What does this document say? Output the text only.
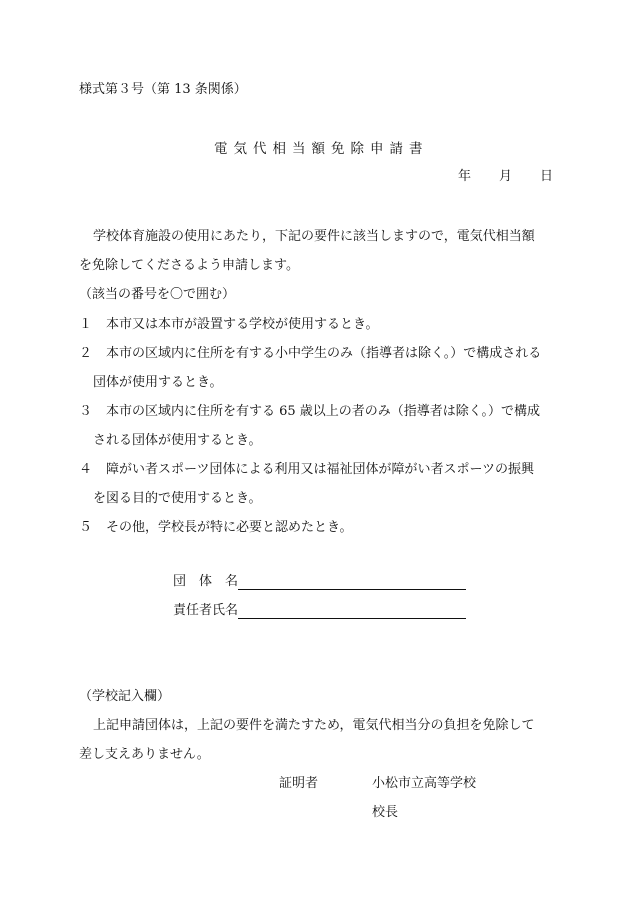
様式第３号（第 13 条関係）
電気代相当額免除申請書
年 月 日
学校体育施設の使用にあたり，下記の要件に該当しますので，電気代相当額
を免除してくださるよう申請します。
（該当の番号を〇で囲む）
１ 本市又は本市が設置する学校が使用するとき。
２ 本市の区域内に住所を有する小中学生のみ（指導者は除く。）で構成される
団体が使用するとき。
３ 本市の区域内に住所を有する 65 歳以上の者のみ（指導者は除く。）で構成
される団体が使用するとき。
４ 障がい者スポーツ団体による利用又は福祉団体が障がい者スポーツの振興
を図る目的で使用するとき。
５ その他，学校長が特に必要と認めたとき。
団　体　名
責任者氏名
（学校記入欄）
上記申請団体は，上記の要件を満たすため，電気代相当分の負担を免除して
差し支えありません。
証明者	小松市立高等学校
校長
